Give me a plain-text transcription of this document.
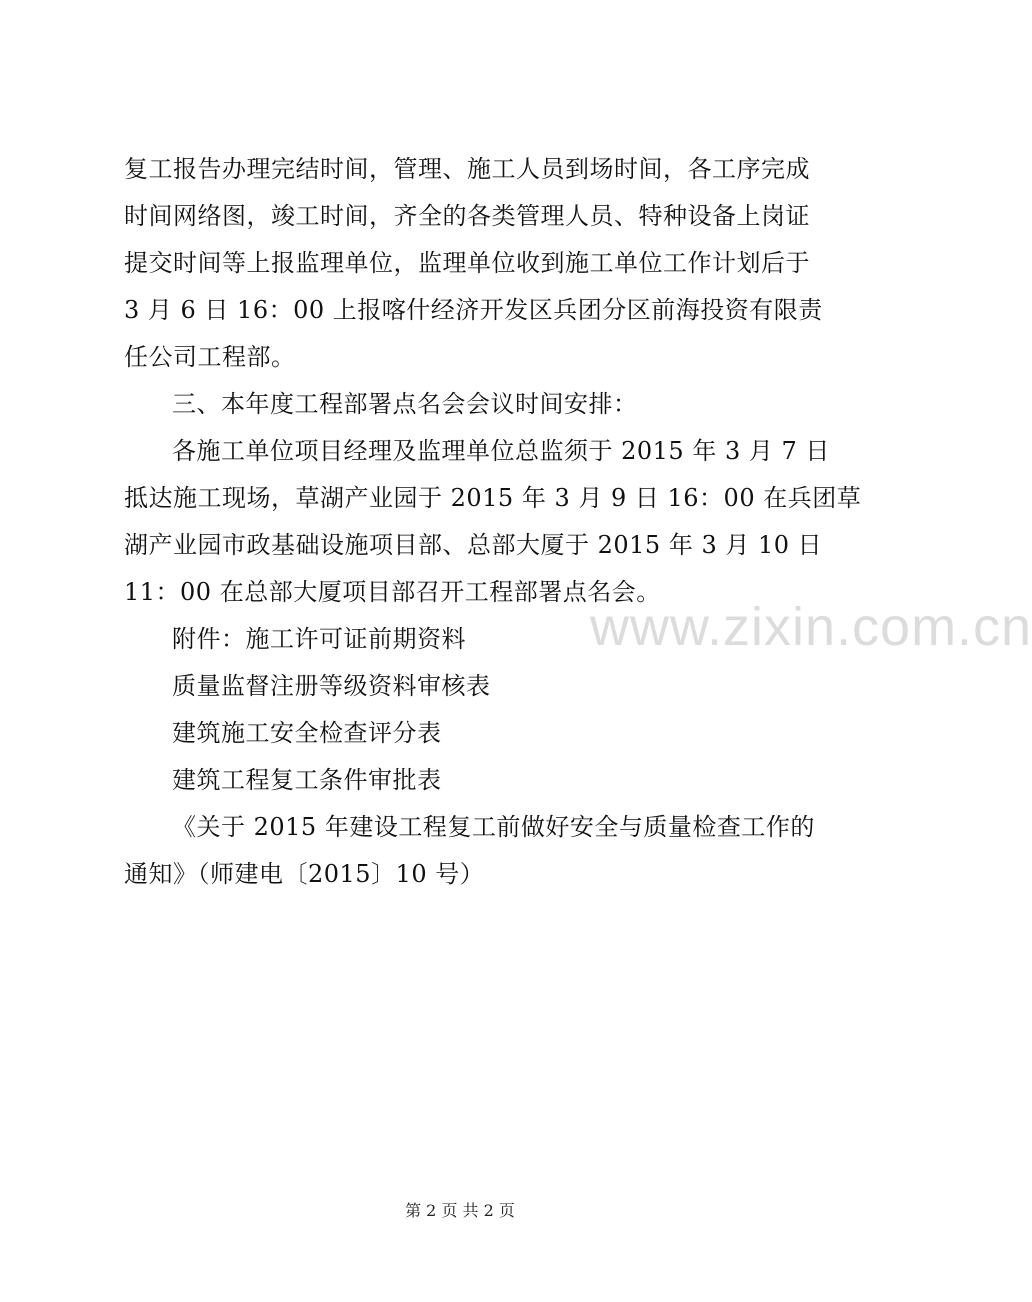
复工报告办理完结时间，管理、施工人员到场时间，各工序完成
时间网络图，竣工时间，齐全的各类管理人员、特种设备上岗证
提交时间等上报监理单位，监理单位收到施工单位工作计划后于
3 月 6 日 16：00 上报喀什经济开发区兵团分区前海投资有限责
任公司工程部。
三、本年度工程部署点名会会议时间安排：
各施工单位项目经理及监理单位总监须于 2015 年 3 月 7 日
抵达施工现场，草湖产业园于 2015 年 3 月 9 日 16：00 在兵团草
湖产业园市政基础设施项目部、总部大厦于 2015 年 3 月 10 日
11：00 在总部大厦项目部召开工程部署点名会。
附件：施工许可证前期资料
质量监督注册等级资料审核表
建筑施工安全检查评分表
建筑工程复工条件审批表
《关于 2015 年建设工程复工前做好安全与质量检查工作的
通知》（师建电〔2015〕10 号）
www.zixin.com.cn
第 2 页 共 2 页
